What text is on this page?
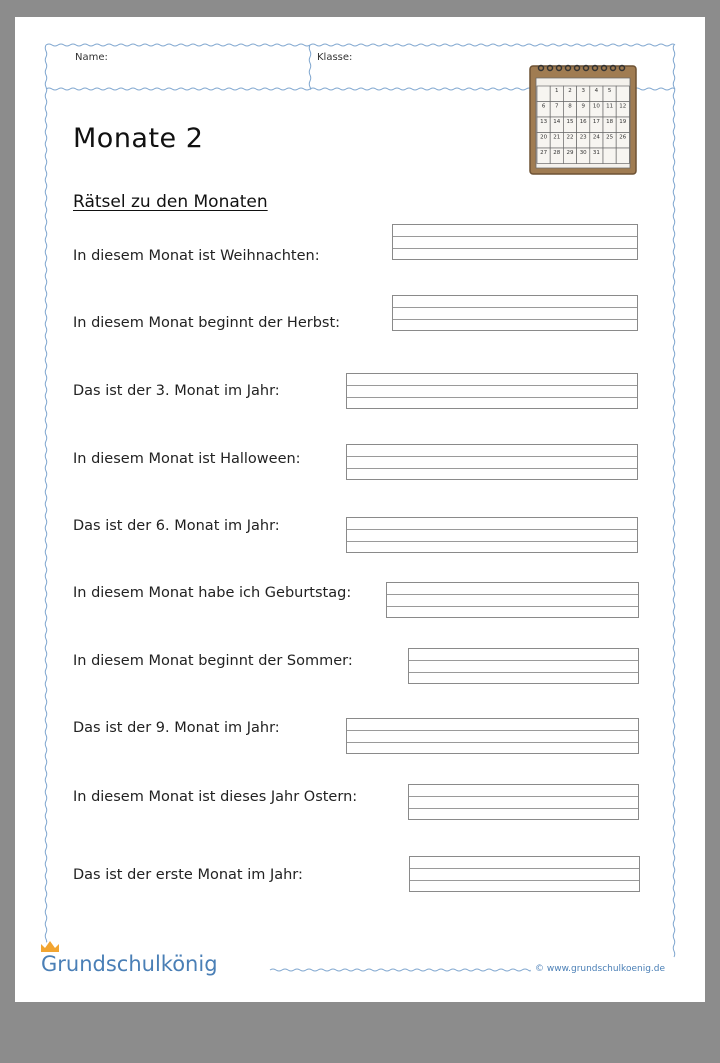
Name:	Klasse:
1 2 3 4 5
6 7 8 9 10 11 12
13 14 15 16 17 18 19
20 21 22 23 24 25 26
27 28 29 30 31
Monate 2
Rätsel zu den Monaten
In diesem Monat ist Weihnachten:
In diesem Monat beginnt der Herbst:
Das ist der 3. Monat im Jahr:
In diesem Monat ist Halloween:
Das ist der 6. Monat im Jahr:
In diesem Monat habe ich Geburtstag:
In diesem Monat beginnt der Sommer:
Das ist der 9. Monat im Jahr:
In diesem Monat ist dieses Jahr Ostern:
Das ist der erste Monat im Jahr:
Grundschulkönig	© www.grundschulkoenig.de
